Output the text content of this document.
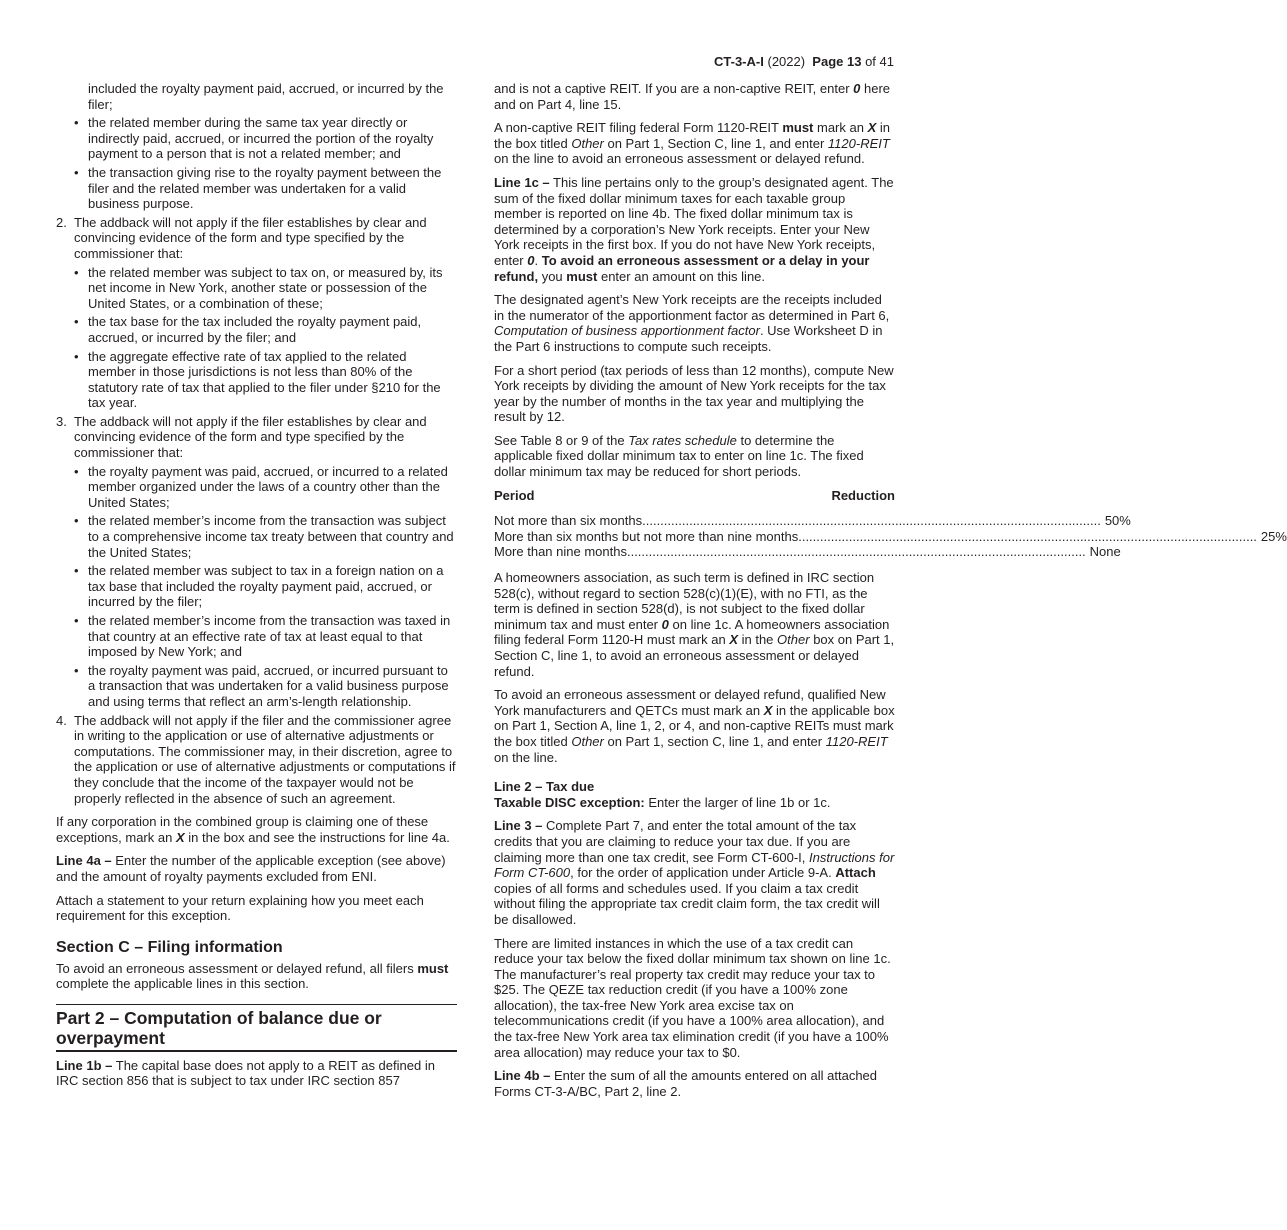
CT-3-A-I (2022) Page 13 of 41
included the royalty payment paid, accrued, or incurred by the filer;
• the related member during the same tax year directly or indirectly paid, accrued, or incurred the portion of the royalty payment to a person that is not a related member; and
• the transaction giving rise to the royalty payment between the filer and the related member was undertaken for a valid business purpose.
2. The addback will not apply if the filer establishes by clear and convincing evidence of the form and type specified by the commissioner that:
• the related member was subject to tax on, or measured by, its net income in New York, another state or possession of the United States, or a combination of these;
• the tax base for the tax included the royalty payment paid, accrued, or incurred by the filer; and
• the aggregate effective rate of tax applied to the related member in those jurisdictions is not less than 80% of the statutory rate of tax that applied to the filer under §210 for the tax year.
3. The addback will not apply if the filer establishes by clear and convincing evidence of the form and type specified by the commissioner that:
• the royalty payment was paid, accrued, or incurred to a related member organized under the laws of a country other than the United States;
• the related member’s income from the transaction was subject to a comprehensive income tax treaty between that country and the United States;
• the related member was subject to tax in a foreign nation on a tax base that included the royalty payment paid, accrued, or incurred by the filer;
• the related member’s income from the transaction was taxed in that country at an effective rate of tax at least equal to that imposed by New York; and
• the royalty payment was paid, accrued, or incurred pursuant to a transaction that was undertaken for a valid business purpose and using terms that reflect an arm’s-length relationship.
4. The addback will not apply if the filer and the commissioner agree in writing to the application or use of alternative adjustments or computations. The commissioner may, in their discretion, agree to the application or use of alternative adjustments or computations if they conclude that the income of the taxpayer would not be properly reflected in the absence of such an agreement.

If any corporation in the combined group is claiming one of these exceptions, mark an X in the box and see the instructions for line 4a.

Line 4a – Enter the number of the applicable exception (see above) and the amount of royalty payments excluded from ENI.

Attach a statement to your return explaining how you meet each requirement for this exception.

Section C – Filing information

To avoid an erroneous assessment or delayed refund, all filers must complete the applicable lines in this section.

Part 2 – Computation of balance due or overpayment

Line 1b – The capital base does not apply to a REIT as defined in IRC section 856 that is subject to tax under IRC section 857

and is not a captive REIT. If you are a non-captive REIT, enter 0 here and on Part 4, line 15.

A non-captive REIT filing federal Form 1120-REIT must mark an X in the box titled Other on Part 1, Section C, line 1, and enter 1120-REIT on the line to avoid an erroneous assessment or delayed refund.

Line 1c – This line pertains only to the group’s designated agent. The sum of the fixed dollar minimum taxes for each taxable group member is reported on line 4b. The fixed dollar minimum tax is determined by a corporation’s New York receipts. Enter your New York receipts in the first box. If you do not have New York receipts, enter 0. To avoid an erroneous assessment or a delay in your refund, you must enter an amount on this line.

The designated agent’s New York receipts are the receipts included in the numerator of the apportionment factor as determined in Part 6, Computation of business apportionment factor. Use Worksheet D in the Part 6 instructions to compute such receipts.

For a short period (tax periods of less than 12 months), compute New York receipts by dividing the amount of New York receipts for the tax year by the number of months in the tax year and multiplying the result by 12.

See Table 8 or 9 of the Tax rates schedule to determine the applicable fixed dollar minimum tax to enter on line 1c. The fixed dollar minimum tax may be reduced for short periods.

Period	Reduction
Not more than six months ............................................................................................................................... 50%
More than six months but not more than nine months ............................................................................................................................... 25%
More than nine months ............................................................................................................................... None

A homeowners association, as such term is defined in IRC section 528(c), without regard to section 528(c)(1)(E), with no FTI, as the term is defined in section 528(d), is not subject to the fixed dollar minimum tax and must enter 0 on line 1c. A homeowners association filing federal Form 1120-H must mark an X in the Other box on Part 1, Section C, line 1, to avoid an erroneous assessment or delayed refund.

To avoid an erroneous assessment or delayed refund, qualified New York manufacturers and QETCs must mark an X in the applicable box on Part 1, Section A, line 1, 2, or 4, and non-captive REITs must mark the box titled Other on Part 1, section C, line 1, and enter 1120-REIT on the line.

Line 2 – Tax due

Taxable DISC exception: Enter the larger of line 1b or 1c.

Line 3 – Complete Part 7, and enter the total amount of the tax credits that you are claiming to reduce your tax due. If you are claiming more than one tax credit, see Form CT-600-I, Instructions for Form CT-600, for the order of application under Article 9-A. Attach copies of all forms and schedules used. If you claim a tax credit without filing the appropriate tax credit claim form, the tax credit will be disallowed.

There are limited instances in which the use of a tax credit can reduce your tax below the fixed dollar minimum tax shown on line 1c. The manufacturer’s real property tax credit may reduce your tax to $25. The QEZE tax reduction credit (if you have a 100% zone allocation), the tax-free New York area excise tax on telecommunications credit (if you have a 100% area allocation), and the tax-free New York area tax elimination credit (if you have a 100% area allocation) may reduce your tax to $0.

Line 4b – Enter the sum of all the amounts entered on all attached Forms CT-3-A/BC, Part 2, line 2.
